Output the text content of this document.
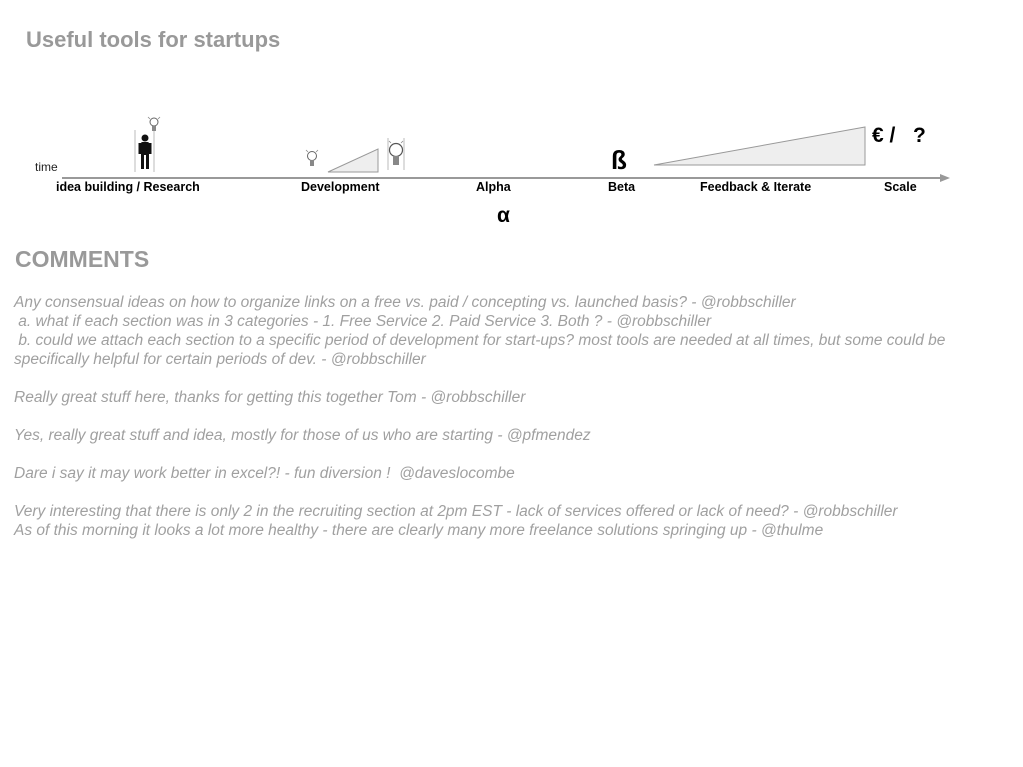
Useful tools for startups
time
idea building / Research	Development	Alpha	Beta	Feedback & Iterate	Scale
ß
α
€ / ?
COMMENTS

Any consensual ideas on how to organize links on a free vs. paid / concepting vs. launched basis? - @robbschiller

a. what if each section was in 3 categories - 1. Free Service 2. Paid Service 3. Both ? - @robbschiller

b. could we attach each section to a specific period of development for start-ups? most tools are needed at all times, but some could be specifically helpful for certain periods of dev. - @robbschiller

Really great stuff here, thanks for getting this together Tom - @robbschiller

Yes, really great stuff and idea, mostly for those of us who are starting - @pfmendez

Dare i say it may work better in excel?! - fun diversion !  @daveslocombe

Very interesting that there is only 2 in the recruiting section at 2pm EST - lack of services offered or lack of need? - @robbschiller

As of this morning it looks a lot more healthy - there are clearly many more freelance solutions springing up - @thulme
